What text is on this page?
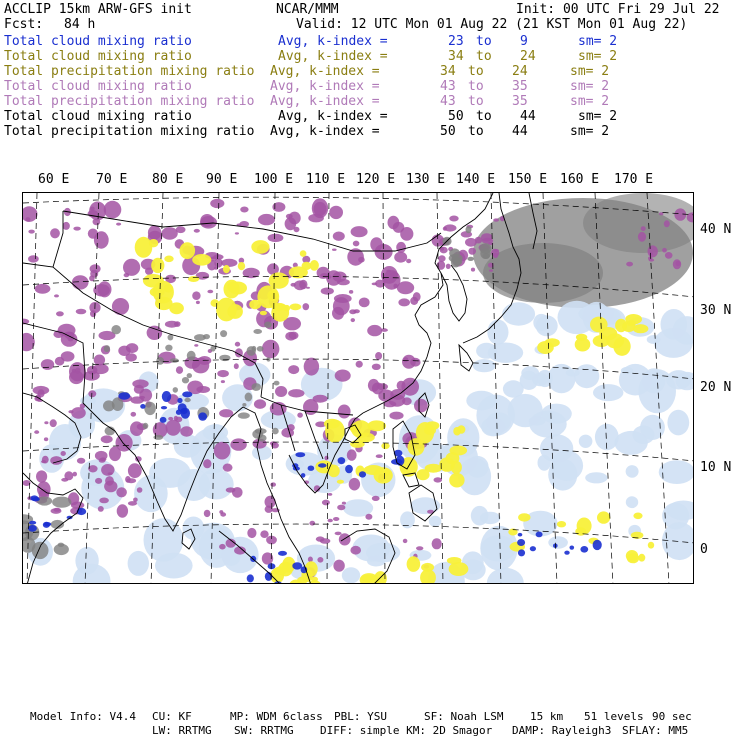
ACCLIP 15km ARW-GFS init	NCAR/MMM	Init: 00 UTC Fri 29 Jul 22
Fcst: 84 h	Valid: 12 UTC Mon 01 Aug 22 (21 KST Mon 01 Aug 22)
Total cloud mixing ratio	Avg, k-index =	23 to 9	sm= 2
Total cloud mixing ratio	Avg, k-index =	34 to 24	sm= 2
Total precipitation mixing ratio Avg, k-index =	34 to 24	sm= 2
Total cloud mixing ratio	Avg, k-index =	43 to 35	sm= 2
Total precipitation mixing ratio Avg, k-index =	43 to 35	sm= 2
Total cloud mixing ratio	Avg, k-index =	50 to 44	sm= 2
Total precipitation mixing ratio Avg, k-index =	50 to 44	sm= 2
60 E 70 E 80 E 90 E 100 E 110 E 120 E 130 E 140 E 150 E 160 E 170 E
40 N
30 N
20 N
10 N
0
Model Info: V4.4 CU: KF	MP: WDM 6class PBL: YSU	SF: Noah LSM 15 km 51 levels 90 sec
LW: RRTMG SW: RRTMG DIFF: simple KM: 2D Smagor DAMP: Rayleigh3 SFLAY: MM5
